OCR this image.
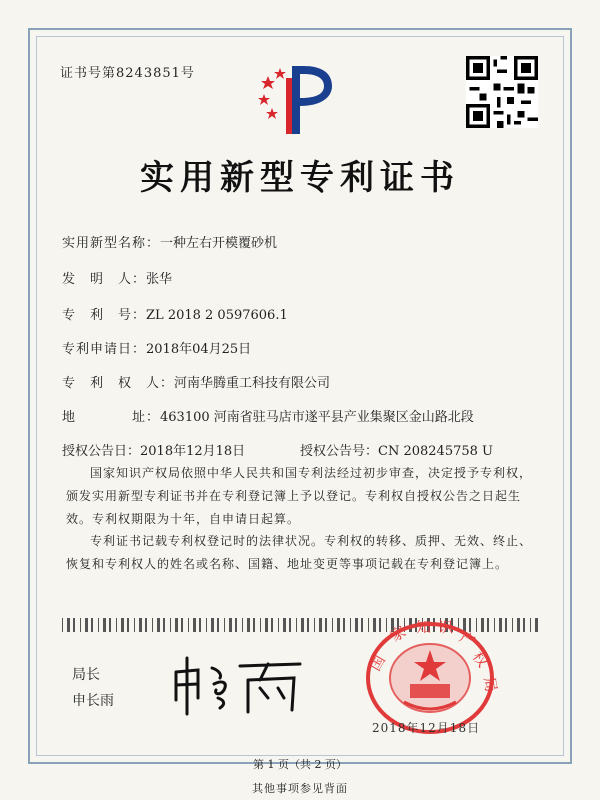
证书号第8243851号
实用新型专利证书
实用新型名称：一种左右开模覆砂机
发　明　人：张华
专　利　号：ZL 2018 2 0597606.1
专利申请日：2018年04月25日
专　利　权　人：河南华腾重工科技有限公司
地　　　　址：463100 河南省驻马店市遂平县产业集聚区金山路北段
授权公告日：2018年12月18日	授权公告号：CN 208245758 U
国家知识产权局依照中华人民共和国专利法经过初步审查，决定授予专利权，颁发实用新型专利证书并在专利登记簿上予以登记。专利权自授权公告之日起生效。专利权期限为十年，自申请日起算。
专利证书记载专利权登记时的法律状况。专利权的转移、质押、无效、终止、恢复和专利权人的姓名或名称、国籍、地址变更等事项记载在专利登记簿上。
局长
申长雨
国
家 知 识
产
权
局
2018年12月18日
第 1 页（共 2 页）
其他事项参见背面
